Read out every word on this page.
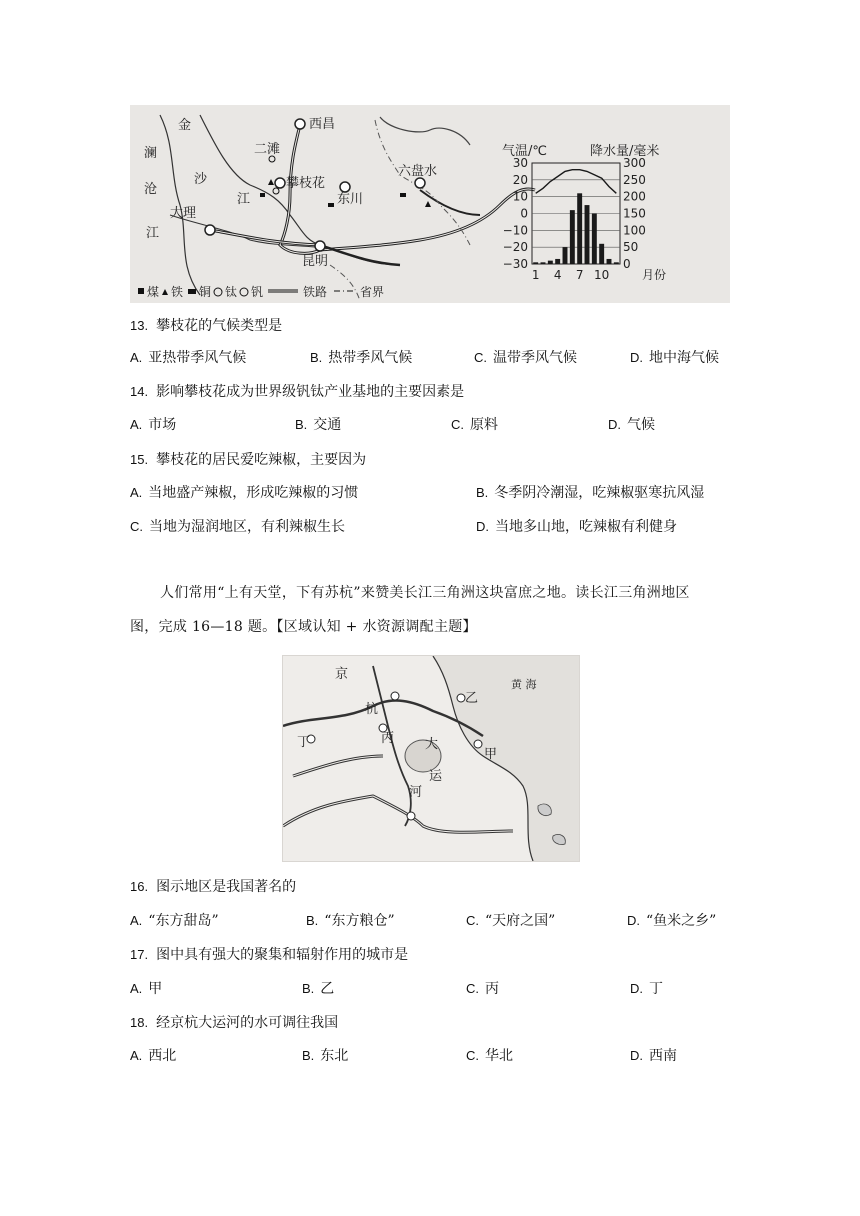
金
澜
沧
江
沙
江
西昌
二滩
攀枝花
东川
六盘水
大理
昆明
煤 铁 铜 钛 钒	铁路	省界
气温/℃	降水量/毫米
30
20
10
0
−10
−20
−30
300
250
200
150
100
50
0
1 4 7 10	月份
13. 攀枝花的气候类型是
A. 亚热带季风气候	B. 热带季风气候	C. 温带季风气候	D. 地中海气候
14. 影响攀枝花成为世界级钒钛产业基地的主要因素是
A. 市场	B. 交通	C. 原料	D. 气候
15. 攀枝花的居民爱吃辣椒，主要因为
A. 当地盛产辣椒，形成吃辣椒的习惯	B. 冬季阴冷潮湿，吃辣椒驱寒抗风湿
C. 当地为湿润地区，有利辣椒生长	D. 当地多山地，吃辣椒有利健身
人们常用“上有天堂，下有苏杭”来赞美长江三角洲这块富庶之地。读长江三角洲地区
图，完成 16—18 题。【区域认知 + 水资源调配主题】
京
杭
丙
丁
乙
甲
大
运
河
黄 海
16. 图示地区是我国著名的
A. “东方甜岛”	B. “东方粮仓”	C. “天府之国”	D. “鱼米之乡”
17. 图中具有强大的聚集和辐射作用的城市是
A. 甲	B. 乙	C. 丙	D. 丁
18. 经京杭大运河的水可调往我国
A. 西北	B. 东北	C. 华北	D. 西南
